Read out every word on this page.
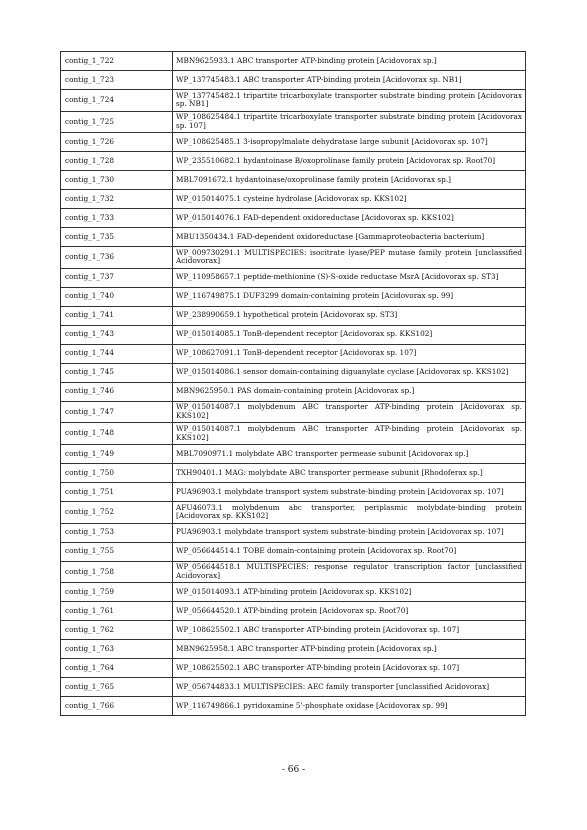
contig_1_722	MBN9625933.1 ABC transporter ATP-binding protein [Acidovorax sp.]
contig_1_723	WP_137745483.1 ABC transporter ATP-binding protein [Acidovorax sp. NB1]
contig_1_724	WP_137745482.1 tripartite tricarboxylate transporter substrate binding protein [Acidovorax sp. NB1]
contig_1_725	WP_108625484.1 tripartite tricarboxylate transporter substrate binding protein [Acidovorax sp. 107]
contig_1_726	WP_108625485.1 3-isopropylmalate dehydratase large subunit [Acidovorax sp. 107]
contig_1_728	WP_235510682.1 hydantoinase B/oxoprolinase family protein [Acidovorax sp. Root70]
contig_1_730	MBL7091672.1 hydantoinase/oxoprolinase family protein [Acidovorax sp.]
contig_1_732	WP_015014075.1 cysteine hydrolase [Acidovorax sp. KKS102]
contig_1_733	WP_015014076.1 FAD-dependent oxidoreductase [Acidovorax sp. KKS102]
contig_1_735	MBU1350434.1 FAD-dependent oxidoreductase [Gammaproteobacteria bacterium]
contig_1_736	WP_009730291.1 MULTISPECIES: isocitrate lyase/PEP mutase family protein [unclassified Acidovorax]
contig_1_737	WP_110958657.1 peptide-methionine (S)-S-oxide reductase MsrA [Acidovorax sp. ST3]
contig_1_740	WP_116749875.1 DUF3299 domain-containing protein [Acidovorax sp. 99]
contig_1_741	WP_238990659.1 hypothetical protein [Acidovorax sp. ST3]
contig_1_743	WP_015014085.1 TonB-dependent receptor [Acidovorax sp. KKS102]
contig_1_744	WP_108627091.1 TonB-dependent receptor [Acidovorax sp. 107]
contig_1_745	WP_015014086.1 sensor domain-containing diguanylate cyclase [Acidovorax sp. KKS102]
contig_1_746	MBN9625950.1 PAS domain-containing protein [Acidovorax sp.]
contig_1_747	WP_015014087.1 molybdenum ABC transporter ATP-binding protein [Acidovorax sp. KKS102]
contig_1_748	WP_015014087.1 molybdenum ABC transporter ATP-binding protein [Acidovorax sp. KKS102]
contig_1_749	MBL7090971.1 molybdate ABC transporter permease subunit [Acidovorax sp.]
contig_1_750	TXH90401.1 MAG: molybdate ABC transporter permease subunit [Rhodoferax sp.]
contig_1_751	PUA96903.1 molybdate transport system substrate-binding protein [Acidovorax sp. 107]
contig_1_752	AFU46073.1 molybdenum abc transporter, periplasmic molybdate-binding protein [Acidovorax sp. KKS102]
contig_1_753	PUA96903.1 molybdate transport system substrate-binding protein [Acidovorax sp. 107]
contig_1_755	WP_056644514.1 TOBE domain-containing protein [Acidovorax sp. Root70]
contig_1_758	WP_056644518.1 MULTISPECIES: response regulator transcription factor [unclassified Acidovorax]
contig_1_759	WP_015014093.1 ATP-binding protein [Acidovorax sp. KKS102]
contig_1_761	WP_056644520.1 ATP-binding protein [Acidovorax sp. Root70]
contig_1_762	WP_108625502.1 ABC transporter ATP-binding protein [Acidovorax sp. 107]
contig_1_763	MBN9625958.1 ABC transporter ATP-binding protein [Acidovorax sp.]
contig_1_764	WP_108625502.1 ABC transporter ATP-binding protein [Acidovorax sp. 107]
contig_1_765	WP_056744833.1 MULTISPECIES: AEC family transporter [unclassified Acidovorax]
contig_1_766	WP_116749866.1 pyridoxamine 5'-phosphate oxidase [Acidovorax sp. 99]
- 66 -
